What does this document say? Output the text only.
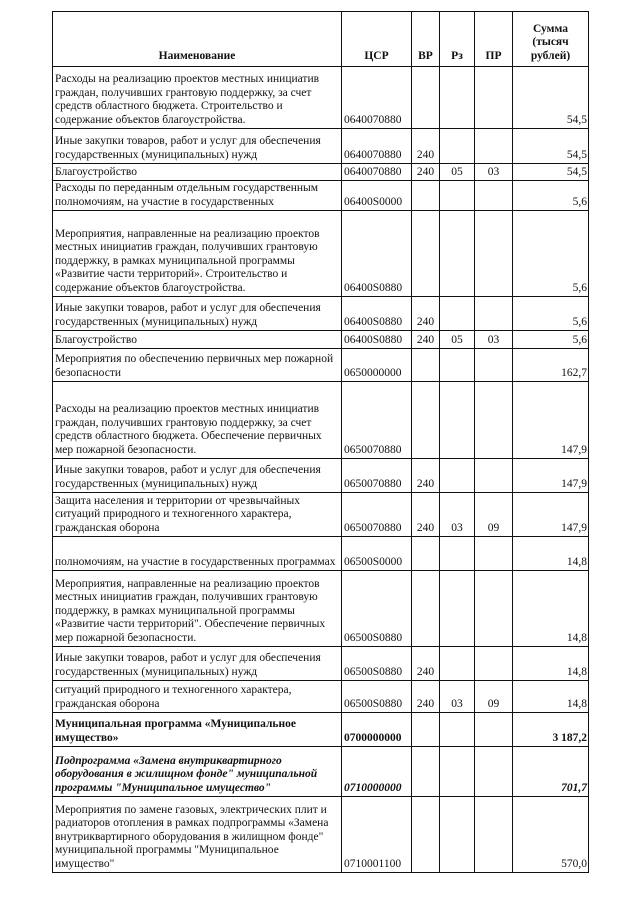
Наименование	ЦСР	ВР	Рз	ПР	Сумма
(тысяч
рублей)

Расходы на реализацию проектов местных инициатив граждан, получивших грантовую поддержку, за счет средств областного бюджета. Строительство и содержание объектов благоустройства.	0640070880				54,5
Иные закупки товаров, работ и услуг для обеспечения государственных (муниципальных) нужд	0640070880	240			54,5
Благоустройство	0640070880	240	05	03	54,5
Расходы по переданным отдельным государственным полномочиям, на участие в государственных	06400S0000				5,6
Мероприятия, направленные на реализацию проектов местных инициатив граждан, получивших грантовую поддержку, в рамках муниципальной программы «Развитие части территорий». Строительство и содержание объектов благоустройства.	06400S0880				5,6
Иные закупки товаров, работ и услуг для обеспечения государственных (муниципальных) нужд	06400S0880	240			5,6
Благоустройство	06400S0880	240	05	03	5,6
Мероприятия по обеспечению первичных мер пожарной безопасности	0650000000				162,7
Расходы на реализацию проектов местных инициатив граждан, получивших грантовую поддержку, за счет средств областного бюджета. Обеспечение первичных мер пожарной безопасности.	0650070880				147,9
Иные закупки товаров, работ и услуг для обеспечения государственных (муниципальных) нужд	0650070880	240			147,9
Защита населения и территории от чрезвычайных ситуаций природного и техногенного характера, гражданская оборона	0650070880	240	03	09	147,9
полномочиям, на участие в государственных программах	06500S0000				14,8
Мероприятия, направленные на реализацию проектов местных инициатив граждан, получивших грантовую поддержку, в рамках муниципальной программы «Развитие части территорий". Обеспечение первичных мер пожарной безопасности.	06500S0880				14,8
Иные закупки товаров, работ и услуг для обеспечения государственных (муниципальных) нужд	06500S0880	240			14,8
ситуаций природного и техногенного характера, гражданская оборона	06500S0880	240	03	09	14,8
Муниципальная программа «Муниципальное имущество»	0700000000				3 187,2
Подпрограмма «Замена внутриквартирного оборудования в жилищном фонде" муниципальной программы "Муниципальное имущество"	0710000000				701,7
Мероприятия по замене газовых, электрических плит и радиаторов отопления в рамках подпрограммы «Замена внутриквартирного оборудования в жилищном фонде" муниципальной программы "Муниципальное имущество"	0710001100				570,0
